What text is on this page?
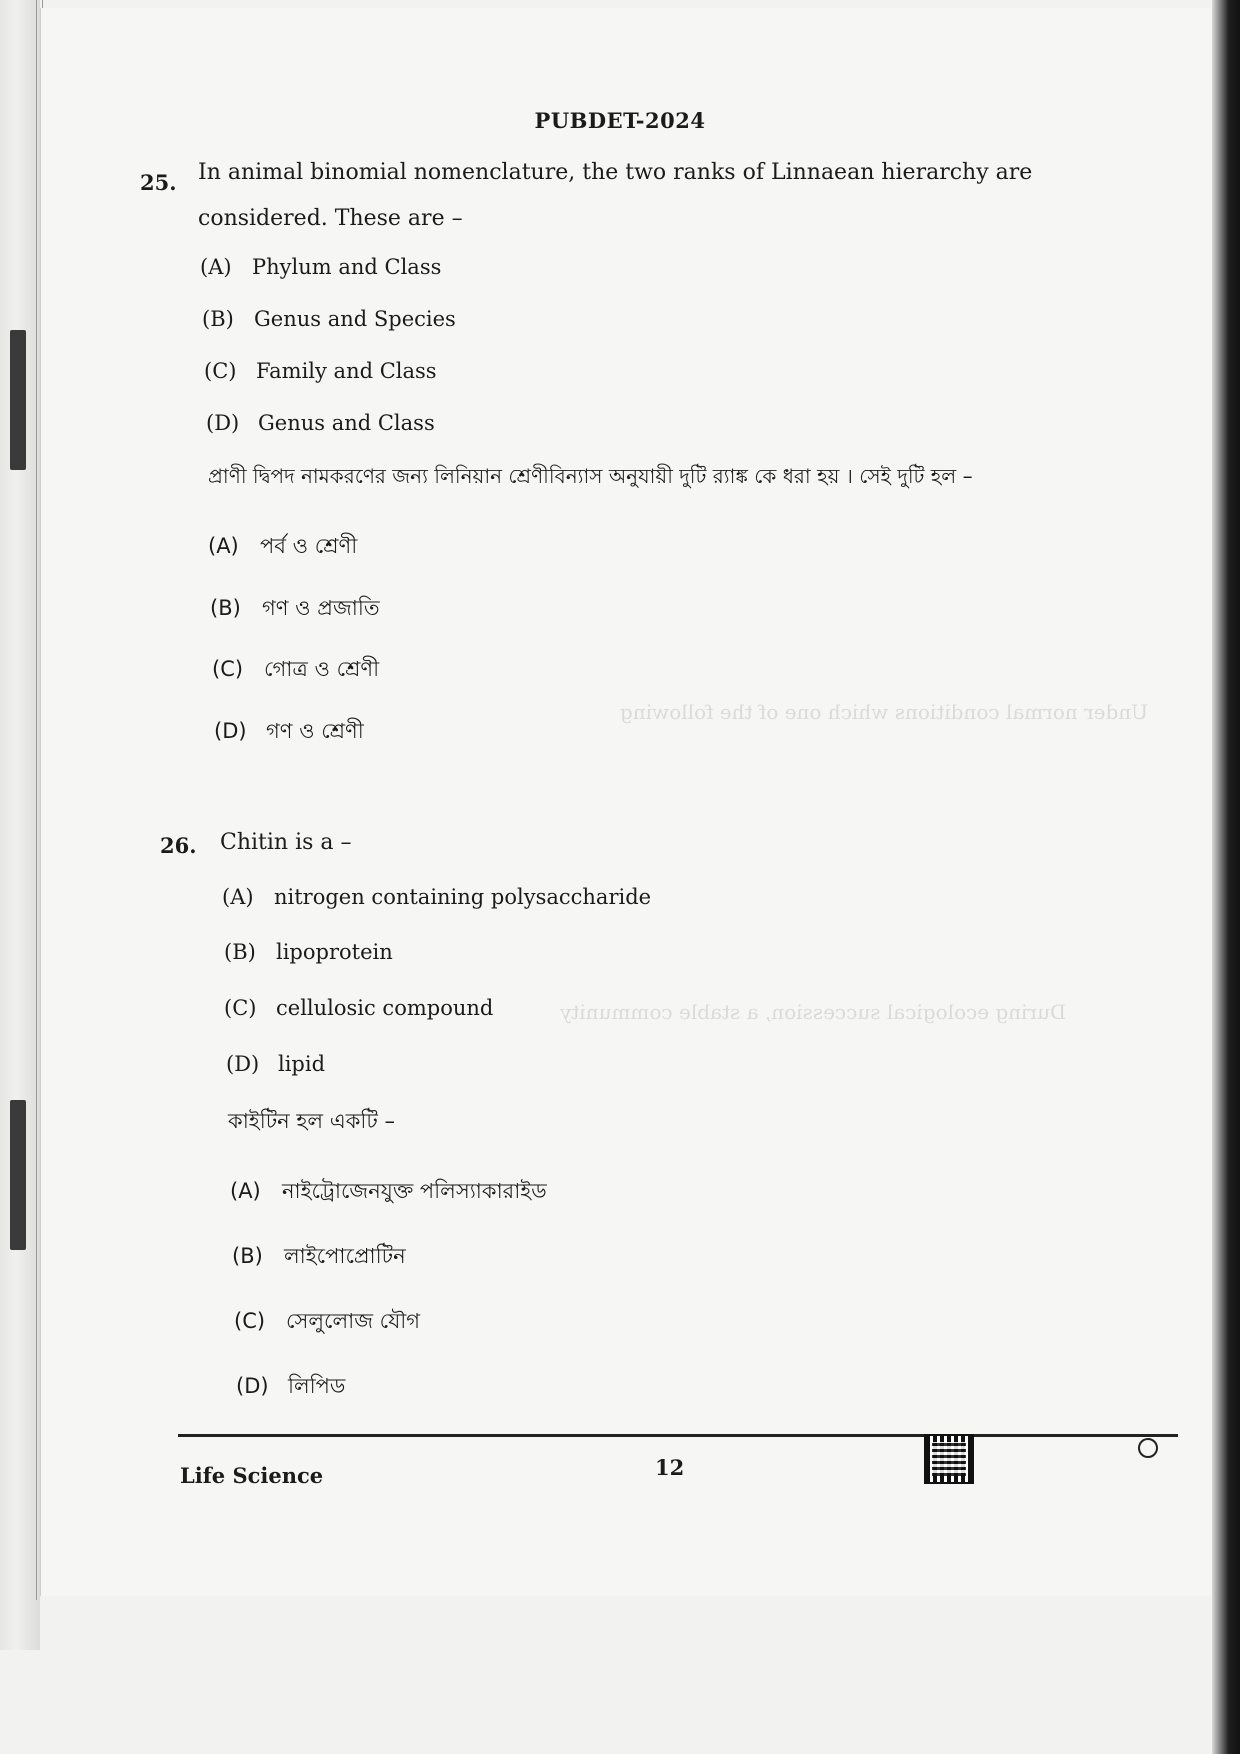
Under normal conditions which one of the following
During ecological succession, a stable community
PUBDET-2024
25. In animal binomial nomenclature, the two ranks of Linnaean hierarchy are
considered. These are –
(A) Phylum and Class
(B) Genus and Species
(C) Family and Class
(D) Genus and Class
প্রাণী দ্বিপদ নামকরণের জন্য লিনিয়ান শ্রেণীবিন্যাস অনুযায়ী দুটি র‍্যাঙ্ক কে ধরা হয় । সেই দুটি হল –
(A) পর্ব ও শ্রেণী
(B) গণ ও প্রজাতি
(C) গোত্র ও শ্রেণী
(D) গণ ও শ্রেণী
26. Chitin is a –
(A) nitrogen containing polysaccharide
(B) lipoprotein
(C) cellulosic compound
(D) lipid
কাইটিন হল একটি –
(A) নাইট্রোজেনযুক্ত পলিস্যাকারাইড
(B) লাইপোপ্রোটিন
(C) সেলুলোজ যৌগ
(D) লিপিড
Life Science	12
